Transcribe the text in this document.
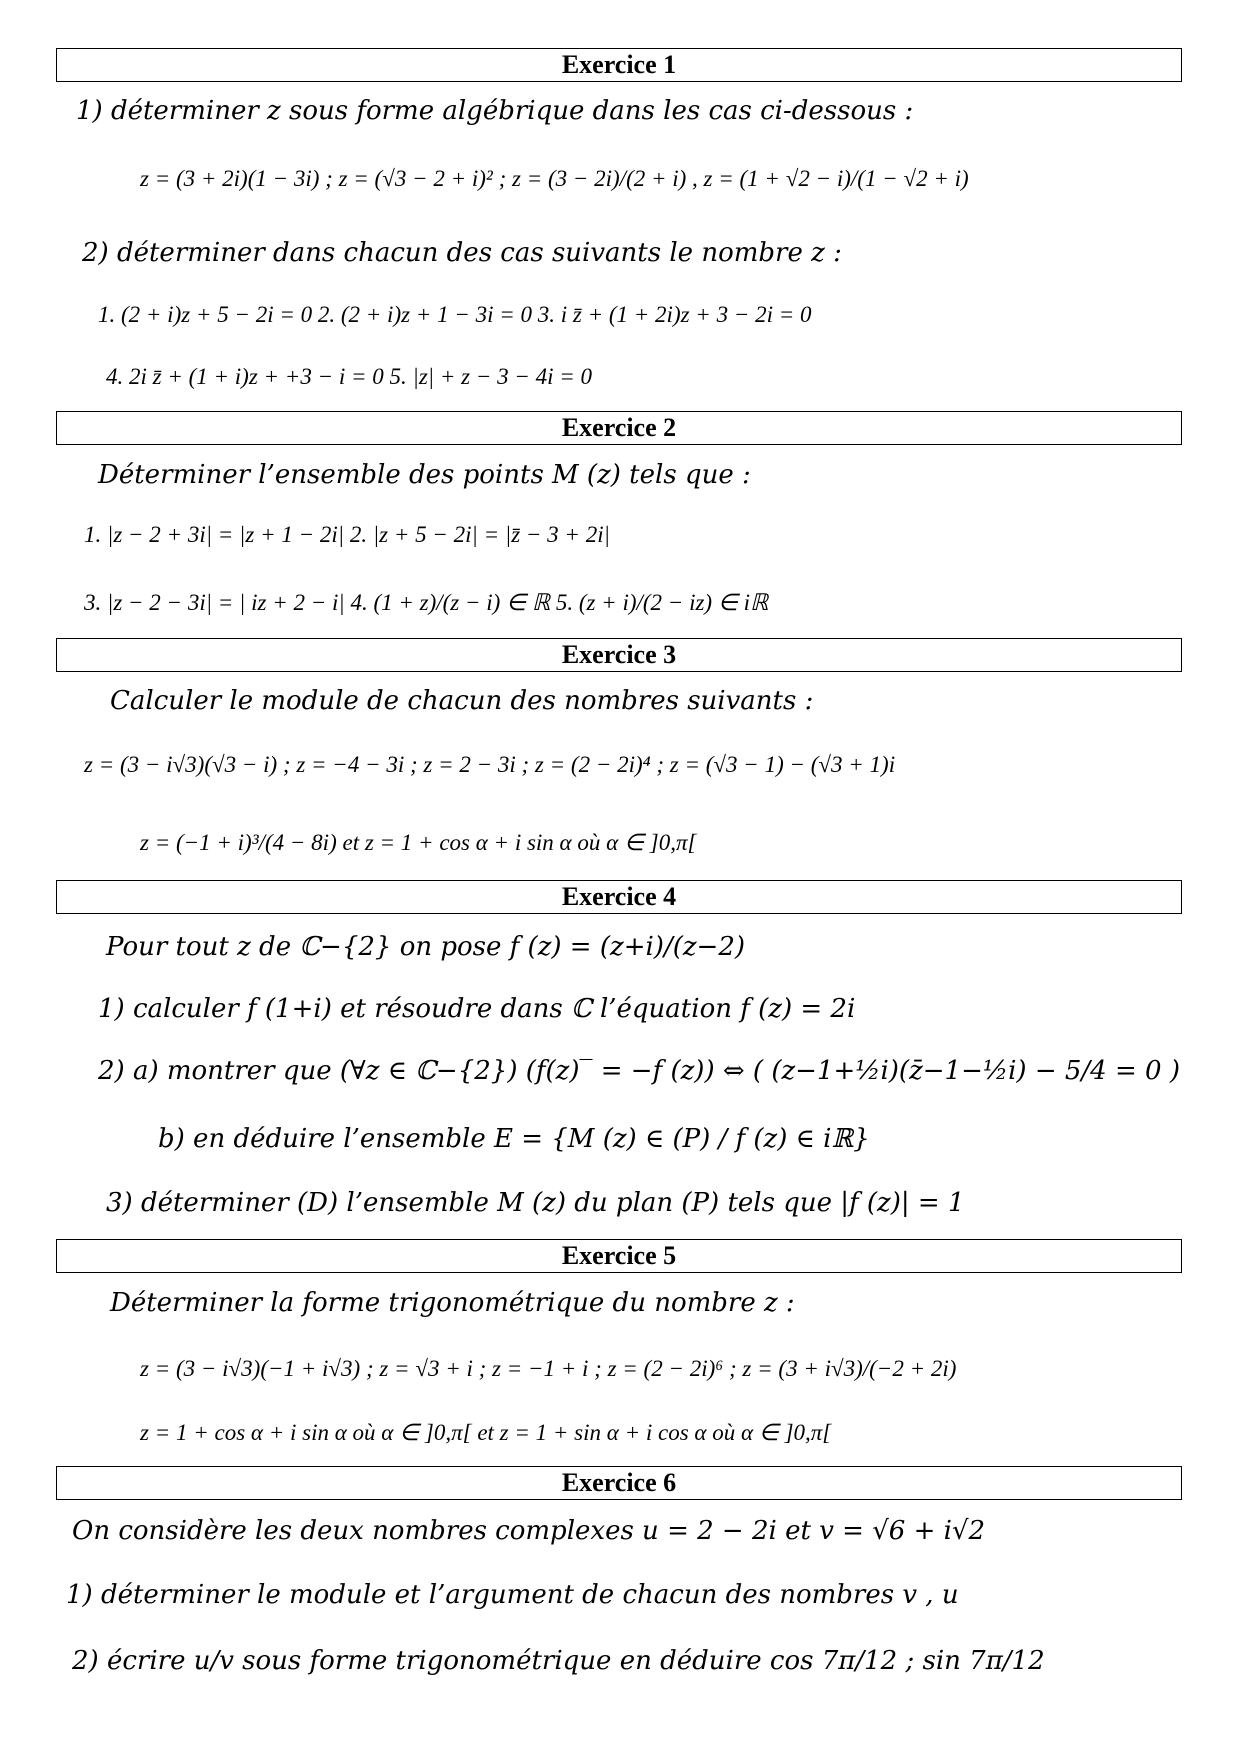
Exercice 1
1) déterminer z sous forme algébrique dans les cas ci-dessous :
z = (3 + 2i)(1 − 3i) ; z = (√3 − 2 + i)² ; z = (3 − 2i)/(2 + i) , z = (1 + √2 − i)/(1 − √2 + i)
2) déterminer dans chacun des cas suivants le nombre z :
1. (2 + i)z + 5 − 2i = 0 2. (2 + i)z + 1 − 3i = 0 3. i z̄ + (1 + 2i)z + 3 − 2i = 0
4. 2i z̄ + (1 + i)z + +3 − i = 0 5. |z| + z − 3 − 4i = 0
Exercice 2
Déterminer l’ensemble des points M (z) tels que :
1. |z − 2 + 3i| = |z + 1 − 2i| 2. |z + 5 − 2i| = |z̄ − 3 + 2i|
3. |z − 2 − 3i| = | iz + 2 − i| 4. (1 + z)/(z − i) ∈ ℝ 5. (z + i)/(2 − iz) ∈ iℝ
Exercice 3
Calculer le module de chacun des nombres suivants :
z = (3 − i√3)(√3 − i) ; z = −4 − 3i ; z = 2 − 3i ; z = (2 − 2i)⁴ ; z = (√3 − 1) − (√3 + 1)i
z = (−1 + i)³/(4 − 8i) et z = 1 + cos α + i sin α où α ∈ ]0,π[
Exercice 4
Pour tout z de ℂ−{2} on pose f (z) = (z+i)/(z−2)
1) calculer f (1+i) et résoudre dans ℂ l’équation f (z) = 2i
2) a) montrer que (∀z ∈ ℂ−{2}) (f(z)‾ = −f (z)) ⇔ ( (z−1+½i)(z̄−1−½i) − 5/4 = 0 )
b) en déduire l’ensemble E = {M (z) ∈ (P) / f (z) ∈ iℝ}
3) déterminer (D) l’ensemble M (z) du plan (P) tels que |f (z)| = 1
Exercice 5
Déterminer la forme trigonométrique du nombre z :
z = (3 − i√3)(−1 + i√3) ; z = √3 + i ; z = −1 + i ; z = (2 − 2i)⁶ ; z = (3 + i√3)/(−2 + 2i)
z = 1 + cos α + i sin α où α ∈ ]0,π[ et z = 1 + sin α + i cos α où α ∈ ]0,π[
Exercice 6
On considère les deux nombres complexes u = 2 − 2i et v = √6 + i√2
1) déterminer le module et l’argument de chacun des nombres v , u
2) écrire u/v sous forme trigonométrique en déduire cos 7π/12 ; sin 7π/12
